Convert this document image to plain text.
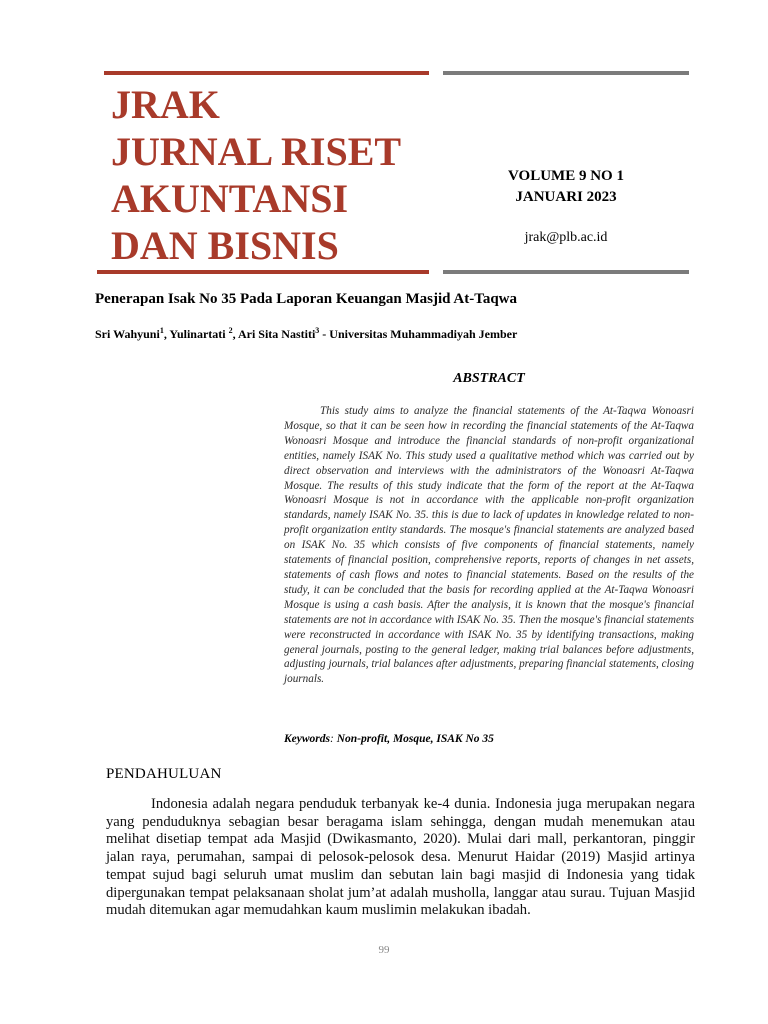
JRAK
JURNAL RISET
AKUNTANSI
DAN BISNIS
VOLUME 9 NO 1
JANUARI 2023
jrak@plb.ac.id
Penerapan Isak No 35 Pada Laporan Keuangan Masjid At-Taqwa
Sri Wahyuni$^1$, Yulinartati $^2$, Ari Sita Nastiti$^3$ - Universitas Muhammadiyah Jember
ABSTRACT

This study aims to analyze the financial statements of the At-Taqwa Wonoasri Mosque, so that it can be seen how in recording the financial statements of the At-Taqwa Wonoasri Mosque and introduce the financial standards of non-profit organizational entities, namely ISAK No. This study used a qualitative method which was carried out by direct observation and interviews with the administrators of the Wonoasri At-Taqwa Mosque. The results of this study indicate that the form of the report at the At-Taqwa Wonoasri Mosque is not in accordance with the applicable non-profit organization standards, namely ISAK No. 35. this is due to lack of updates in knowledge related to non-profit organization entity standards. The mosque's financial statements are analyzed based on ISAK No. 35 which consists of five components of financial statements, namely statements of financial position, comprehensive reports, reports of changes in net assets, statements of cash flows and notes to financial statements. Based on the results of the study, it can be concluded that the basis for recording applied at the At-Taqwa Wonoasri Mosque is using a cash basis. After the analysis, it is known that the mosque's financial statements are not in accordance with ISAK No. 35. Then the mosque's financial statements were reconstructed in accordance with ISAK No. 35 by identifying transactions, making general journals, posting to the general ledger, making trial balances before adjustments, adjusting journals, trial balances after adjustments, preparing financial statements, closing journals.

Keywords: Non-profit, Mosque, ISAK No 35
PENDAHULUAN

Indonesia adalah negara penduduk terbanyak ke-4 dunia. Indonesia juga merupakan negara yang penduduknya sebagian besar beragama islam sehingga, dengan mudah menemukan atau melihat disetiap tempat ada Masjid (Dwikasmanto, 2020). Mulai dari mall, perkantoran, pinggir jalan raya, perumahan, sampai di pelosok-pelosok desa. Menurut Haidar (2019) Masjid artinya tempat sujud bagi seluruh umat muslim dan sebutan lain bagi masjid di Indonesia yang tidak dipergunakan tempat pelaksanaan sholat jum’at adalah musholla, langgar atau surau. Tujuan Masjid mudah ditemukan agar memudahkan kaum muslimin melakukan ibadah.

99
